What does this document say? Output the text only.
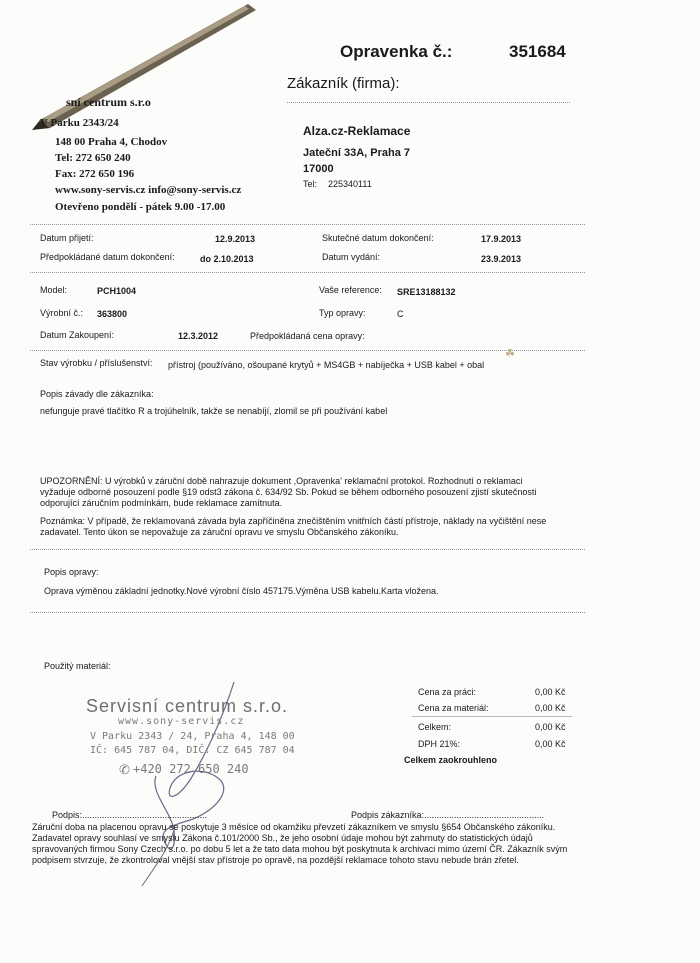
Opravenka č.:	351684
Zákazník (firma):
sní centrum s.r.o
V Parku 2343/24
148 00 Praha 4, Chodov
Tel: 272 650 240
Fax: 272 650 196
www.sony-servis.cz info@sony-servis.cz
Otevřeno pondělí - pátek 9.00 -17.00
Alza.cz-Reklamace
Jateční 33A, Praha 7
17000
Tel: 225340111
Datum přijetí:	12.9.2013	Skutečné datum dokončení:	17.9.2013
Předpokládané datum dokončení:	do 2.10.2013	Datum vydání:	23.9.2013
Model:	PCH1004	Vaše reference: SRE13188132
Výrobní č.: 363800	Typ opravy:	C
Datum Zakoupení:	12.3.2012	Předpokládaná cena opravy:
Stav výrobku / příslušenství: přístroj (používáno, ošoupané krytyů + MS4GB + nabíječka + USB kabel + obal
☘
Popis závady dle zákazníka:
nefunguje pravé tlačítko R a trojúhelník, takže se nenabíjí, zlomil se při používání kabel
UPOZORNĚNÍ: U výrobků v záruční době nahrazuje dokument ,Opravenka' reklamační protokol. Rozhodnutí o reklamaci vyžaduje odborné posouzení podle §19 odst3 zákona č. 634/92 Sb. Pokud se během odborného posouzení zjistí skutečnosti odporující záručním podmínkám, bude reklamace zamítnuta.
Poznámka: V případě, že reklamovaná závada byla zapříčiněna znečištěním vnitřních částí přístroje, náklady na vyčištění nese zadavatel. Tento úkon se nepovažuje za záruční opravu ve smyslu Občanského zákoníku.
Popis opravy:
Oprava výměnou základní jednotky.Nové výrobní číslo 457175.Výměna USB kabelu.Karta vložena.
Použitý materiál:
Servisní centrum s.r.o.
www.sony-servis.cz
V Parku 2343 / 24, Praha 4, 148 00
IČ: 645 787 04, DIČ: CZ 645 787 04
✆ +420 272 650 240
Cena za práci:	0,00 Kč
Cena za materiál:	0,00 Kč
Celkem:	0,00 Kč
DPH 21%:	0,00 Kč
Celkem zaokrouhleno
Podpis:..................................................	Podpis zákazníka:................................................
Záruční doba na placenou opravu se poskytuje 3 měsíce od okamžiku převzetí zákazníkem ve smyslu §654 Občanského zákoníku. Zadavatel opravy souhlasí ve smyslu Zákona č.101/2000 Sb., že jeho osobní údaje mohou být zahrnuty do statistických údajů spravovaných firmou Sony Czech s.r.o. po dobu 5 let a že tato data mohou být poskytnuta k archivaci mimo území ČR. Zákazník svým podpisem stvrzuje, že zkontroloval vnější stav přístroje po opravě, na pozdější reklamace tohoto stavu nebude brán zřetel.
